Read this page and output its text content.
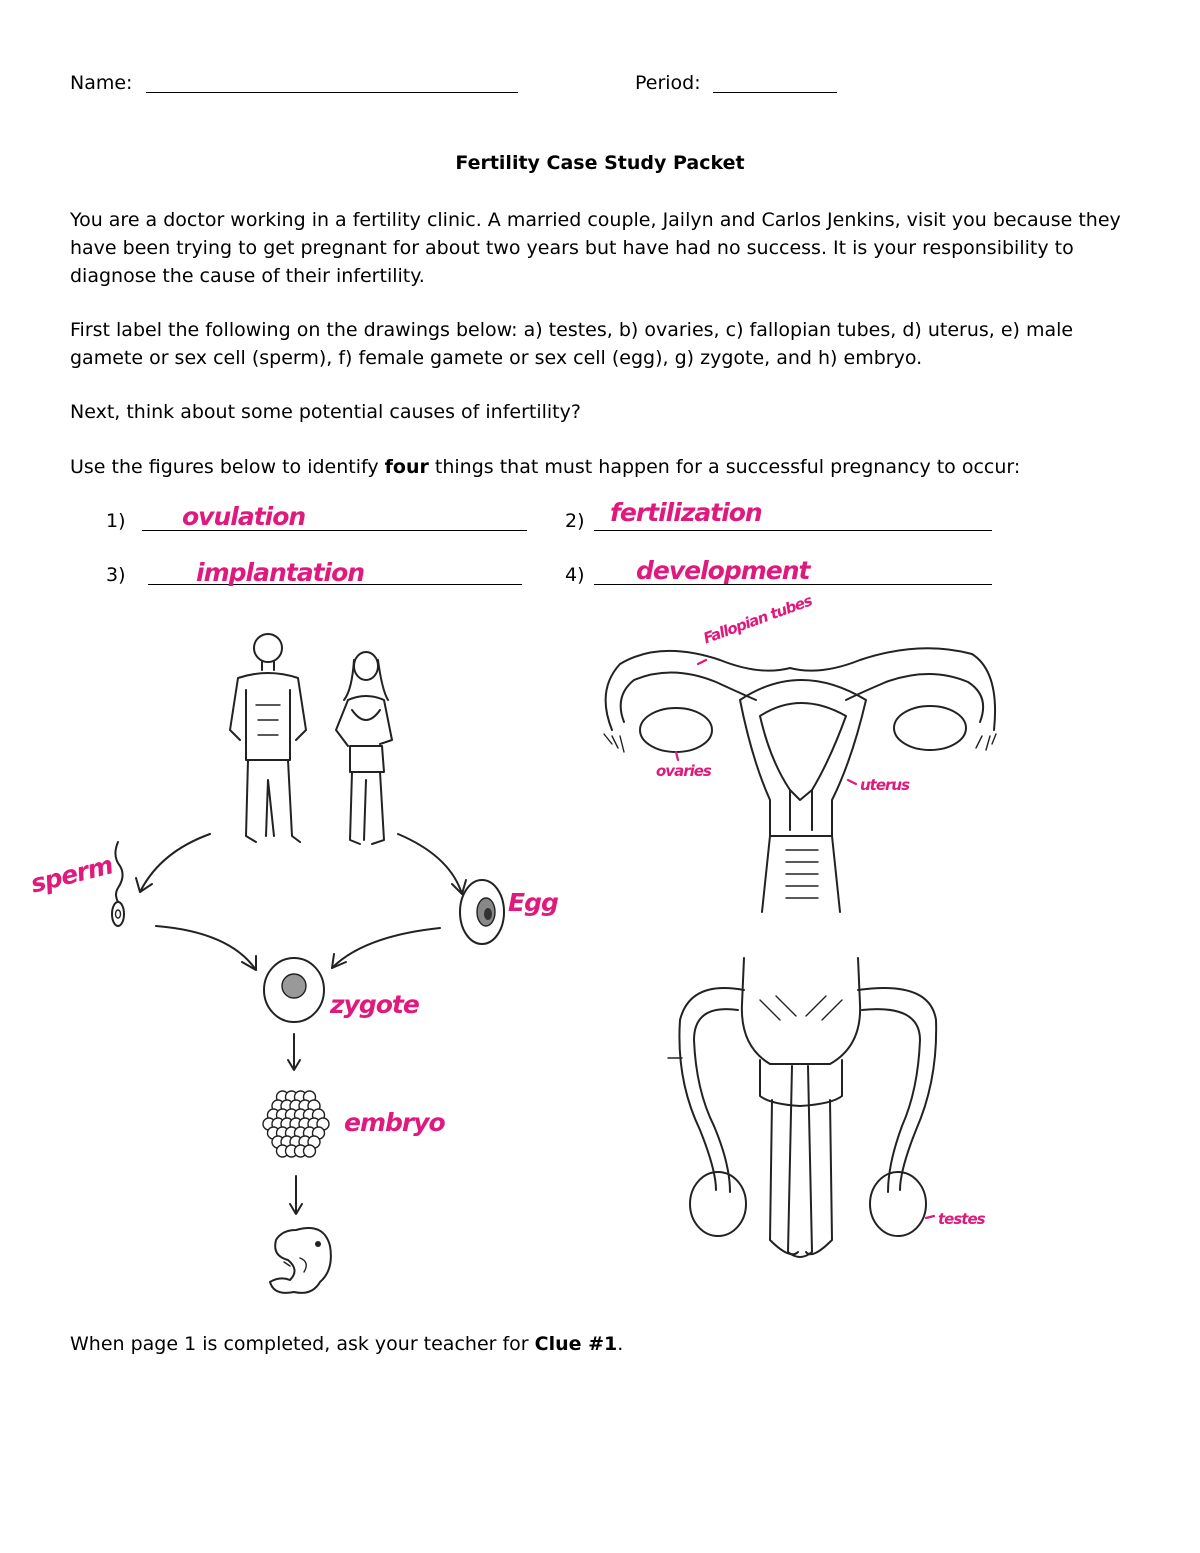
Name:	Period:
Fertility Case Study Packet
You are a doctor working in a fertility clinic. A married couple, Jailyn and Carlos Jenkins, visit you because they have been trying to get pregnant for about two years but have had no success. It is your responsibility to diagnose the cause of their infertility.
First label the following on the drawings below: a) testes, b) ovaries, c) fallopian tubes, d) uterus, e) male gamete or sex cell (sperm), f) female gamete or sex cell (egg), g) zygote, and h) embryo.
Next, think about some potential causes of infertility?
Use the figures below to identify four things that must happen for a successful pregnancy to occur:
1) ovulation	2) fertilization
3)	implantation	4) development
sperm
Egg
zygote
embryo
Fallopian tubes
ovaries
uterus
testes
When page 1 is completed, ask your teacher for Clue #1.
